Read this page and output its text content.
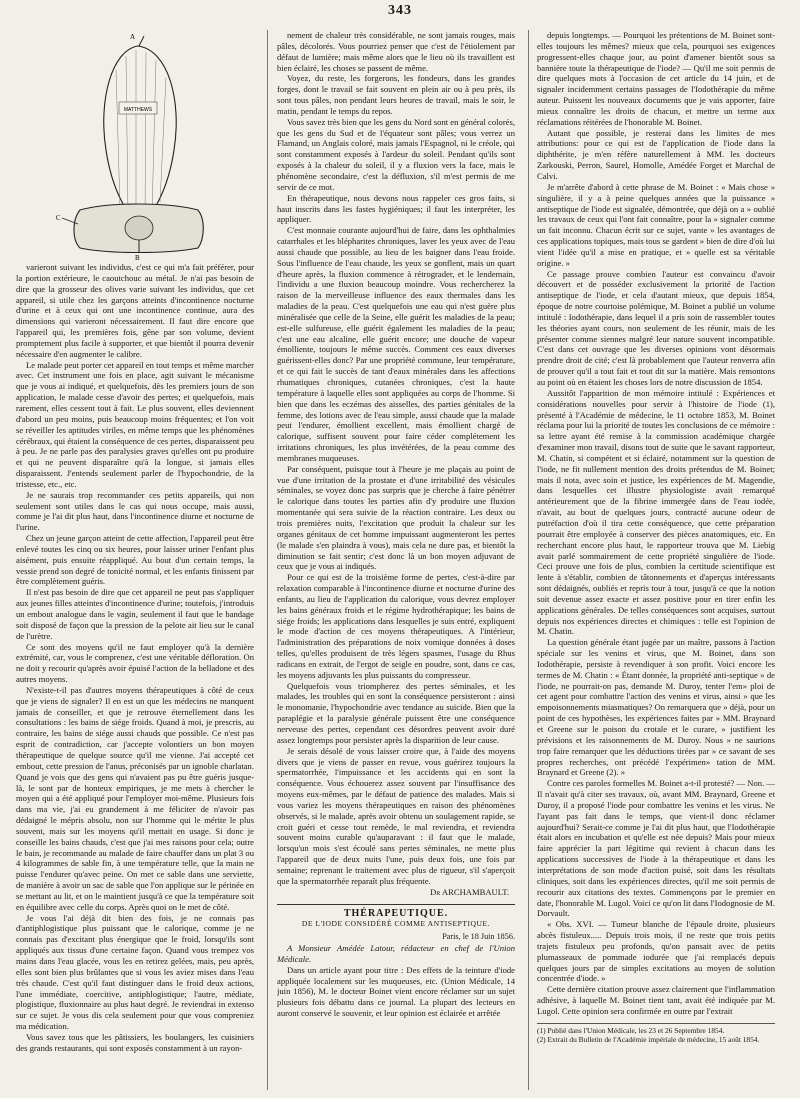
343
A
MATTHEWS
C
B

varieront suivant les individus, c'est ce qui m'a fait préférer, pour la portion extérieure, le caoutchouc au métal. Je n'ai pas besoin de dire que la grosseur des olives varie suivant les individus, que cet appareil, si utile chez les garçons atteints d'incontinence nocturne d'urine et à ceux qui ont une incontinence continue, aura des dimensions qui varieront nécessairement. Il faut dire encore que l'appareil qui, les premières fois, gêne par son volume, devient promptement plus facile à supporter, et que bientôt il pourra devenir nécessaire d'en augmenter le calibre.

Le malade peut porter cet appareil en tout temps et même marcher avec. Cet instrument une fois en place, agit suivant le mécanisme que je vous ai indiqué, et quelquefois, dès les premiers jours de son application, le malade cesse d'avoir des pertes; et quelquefois, mais rarement, elles cessent tout à fait. Le plus souvent, elles deviennent d'abord un peu moins, puis beaucoup moins fréquentes; et l'on voit se réveiller les aptitudes viriles, en même temps que les phénomènes cérébraux, qui étaient la conséquence de ces pertes, disparaissent peu à peu. Je ne parle pas des paralysies graves qu'elles ont pu produire et qui ne peuvent disparaître qu'à la longue, si jamais elles disparaissent. J'entends seulement parler de l'hypochondrie, de la tristesse, etc., etc.

Je ne saurais trop recommander ces petits appareils, qui non seulement sont utiles dans le cas qui nous occupe, mais aussi, comme je l'ai dit plus haut, dans l'incontinence diurne et nocturne de l'urine.

Chez un jeune garçon atteint de cette affection, l'appareil peut être enlevé toutes les cinq ou six heures, pour laisser uriner l'enfant plus aisément, puis ensuite réappliqué. Au bout d'un certain temps, la vessie prend son degré de tonicité normal, et les enfants finissent par être complètement guéris.

Il n'est pas besoin de dire que cet appareil ne peut pas s'appliquer aux jeunes filles atteintes d'incontinence d'urine; toutefois, j'introduis un embout analogue dans le vagin, seulement il faut que le bandage soit disposé de façon que la pression de la pelote ait lieu sur le canal de l'urètre.

Ce sont des moyens qu'il ne faut employer qu'à la dernière extrémité, car, vous le comprenez, c'est une véritable défloration. On ne doit y recourir qu'après avoir épuisé l'action de la belladone et des autres moyens.

N'existe-t-il pas d'autres moyens thérapeutiques à côté de ceux que je viens de signaler? Il en est un que les médecins ne manquent jamais de conseiller, et que je retrouve éternellement dans les consultations : les bains de siége froids. Quand à moi, je prescris, au contraire, les bains de siége aussi chauds que possible. Ce n'est pas esprit de contradiction, car j'accepte volontiers un bon moyen thérapeutique de quelque source qu'il me vienne. J'ai accepté cet embout, cette pression de l'anus, préconisés par un ignoble charlatan. Quand je vois que des gens qui n'avaient pas pu être guéris jusque-là, le sont par de honteux empiriques, je me mets à chercher le moyen qui a été appliqué pour l'employer moi-même. Plusieurs fois dans ma vie, j'ai eu grandement à me féliciter de n'avoir pas dédaigné le mépris absolu, non sur l'homme qui le mérite le plus souvent, mais sur les moyens qu'il mettait en usage. Si donc je conseille les bains chauds, c'est que j'ai mes raisons pour cela; outre le bain, je recommande au malade de faire chauffer dans un plat 3 ou 4 kilogrammes de sable fin, à une température telle, que la main ne puisse l'endurer qu'avec peine. On met ce sable dans une serviette, de manière à avoir un sac de sable que l'on applique sur le périnée en se mettant au lit, et on le maintient jusqu'à ce que la température soit en équilibre avec celle du corps. Après quoi on le met de côté.

Je vous l'ai déjà dit bien des fois, je ne connais pas d'antiphlogistique plus puissant que le calorique, comme je ne connais pas d'excitant plus énergique que le froid, lorsqu'ils sont appliqués aux tissus d'une certaine façon. Quand vous trempez vos mains dans l'eau glacée, vous les en retirez gelées, mais, peu après, elles sont bien plus brûlantes que si vous les aviez mises dans l'eau très chaude. C'est qu'il faut distinguer dans le froid deux actions, l'une immédiate, coercitive, antiphlogistique; l'autre, médiate, plogistique, fluxionnaire au plus haut degré. Je reviendrai in extenso sur ce sujet. Je vous dis cela seulement pour que vous compreniez ma médication.

Vous savez tous que les pâtissiers, les boulangers, les cuisiniers des grands restaurants, qui sont exposés constamment à un rayon-

nement de chaleur très considérable, ne sont jamais rouges, mais pâles, décolorés. Vous pourriez penser que c'est de l'étiolement par défaut de lumière; mais même alors que le lieu où ils travaillent est bien éclairé, les choses se passent de même.

Voyez, du reste, les forgerons, les fondeurs, dans les grandes forges, dont le travail se fait souvent en plein air ou à peu près, ils sont tous pâles, non pendant leurs heures de travail, mais le soir, le matin, pendant le temps du repos.

Vous savez très bien que les gens du Nord sont en général colorés, que les gens du Sud et de l'équateur sont pâles; vous verrez un Flamand, un Anglais coloré, mais jamais l'Espagnol, ni le créole, qui sont constamment exposés à l'ardeur du soleil. Pendant qu'ils sont exposés à la chaleur du soleil, il y a fluxion vers la face, mais le phénomène secondaire, c'est la défluxion, s'il m'est permis de me servir de ce mot.

En thérapeutique, nous devons nous rappeler ces gros faits, si haut inscrits dans les fastes hygiéniques; il faut les interpréter, les appliquer.

C'est monnaie courante aujourd'hui de faire, dans les ophthalmies catarrhales et les blépharites chroniques, laver les yeux avec de l'eau aussi chaude que possible, au lieu de les baigner dans l'eau froide. Sous l'influence de l'eau chaude, les yeux se gonflent, mais un quart d'heure après, la fluxion commence à rétrograder, et le lendemain, l'individu a une fluxion beaucoup moindre. Vous rechercherez la raison de la merveilleuse influence des eaux thermales dans les maladies de la peau. C'est quelquefois une eau qui n'est guère plus minéralisée que celle de la Seine, elle guérit les maladies de la peau; est-elle sulfureuse, elle guérit également les maladies de la peau; c'est une eau alcaline, elle guérit encore; une douche de vapeur émolliente, toujours le même succès. Comment ces eaux diverses guérissent-elles donc? Par une propriété commune, leur température, et ce qui fait le succès de tant d'eaux minérales dans les affections rhumatiques chroniques, cutanées chroniques, c'est la haute température à laquelle elles sont appliquées au corps de l'homme. Si bien que dans les eczémas des aisselles, des parties génitales de la femme, des lotions avec de l'eau simple, aussi chaude que la malade peut l'endurer, émollient excellent, mais émollient chargé de calorique, suffisent souvent pour faire céder complétement les irritations chroniques, les plus invétérées, de la peau comme des membranes muqueuses.

Par conséquent, puisque tout à l'heure je me plaçais au point de vue d'une irritation de la prostate et d'une irritabilité des vésicules séminales, se voyez donc pas surpris que je cherche à faire pénétrer le calorique dans toutes les parties afin d'y produire une fluxion momentanée qui sera suivie de la réaction contraire. Les deux ou trois premières nuits, l'excitation que produit la chaleur sur les organes génitaux de cet homme impuissant augmenteront les pertes (le malade s'en plaindra à vous), mais cela ne dure pas, et bientôt la diminution se fait sentir; c'est donc là un bon moyen adjuvant de ceux que je vous ai indiqués.

Pour ce qui est de la troisième forme de pertes, c'est-à-dire par relaxation comparable à l'incontinence diurne et nocturne d'urine des enfants, au lieu de l'application du calorique, vous devrez employer les bains généraux froids et le régime hydrothérapique; les bains de siége froids; les applications dans lesquelles je suis entré, expliquent le mode d'action de ces moyens thérapeutiques. A l'intérieur, l'administration des préparations de noix vomique données à doses telles, qu'elles produisent de très légers spasmes, l'usage du Rhus radicans en extrait, de l'ergot de seigle en poudre, sont, dans ce cas, les moyens adjuvants les plus puissants du compresseur.

Quelquefois vous triompherez des pertes séminales, et les malades, les troubles qui en sont la conséquence persisteront : ainsi le monomanie, l'hypochondrie avec tendance au suicide. Bien que la paraplégie et la paralysie générale puissent être une conséquence nerveuse des pertes, cependant ces désordres peuvent avoir duré assez longtemps pour persister après la disparition de leur cause.

Je serais désolé de vous laisser croire que, à l'aide des moyens divers que je viens de passer en revue, vous guérirez toujours la spermatorrhée, l'impuissance et les accidents qui en sont la conséquence. Vous échouerez assez souvent par l'insuffisance des moyens eux-mêmes, par le défaut de patience des malades. Mais si vous variez les moyens thérapeutiques en raison des phénomènes observés, si le malade, après avoir obtenu un soulagement rapide, se croit guéri et cesse tout remède, le mal reviendra, et reviendra souvent moins curable qu'auparavant : il faut que le malade, lorsqu'un mois s'est écoulé sans pertes séminales, ne mette plus l'appareil que de deux nuits l'une, puis deux fois, une fois par semaine; reprenant le traitement avec plus de rigueur, s'il s'aperçoit que la spermatorrhée reparaît plus fréquente.

Dr ARCHAMBAULT.
THÉRAPEUTIQUE.
DE L'IODE CONSIDÉRÉ COMME ANTISEPTIQUE.
Paris, le 18 Juin 1856.

A Monsieur Amédée Latour, rédacteur en chef de l'Union Médicale.

Dans un article ayant pour titre : Des effets de la teinture d'iode appliquée localement sur les muqueuses, etc. (Union Médicale, 14 juin 1856), M. le docteur Boinet vient encore réclamer sur un sujet plusieurs fois débattu dans ce journal. La plupart des lecteurs en auront conservé le souvenir, et leur opinion est éclairée et arrêtée

depuis longtemps. — Pourquoi les prétentions de M. Boinet sont-elles toujours les mêmes? mieux que cela, pourquoi ses exigences progressent-elles chaque jour, au point d'amener bientôt sous sa bannière toute la thérapeutique de l'iode? — Qu'il me soit permis de dire quelques mots à l'occasion de cet article du 14 juin, et de signaler incidemment certains passages de l'Iodothérapie du même auteur. Puissent les nouveaux documents que je vais apporter, faire mieux connaître les droits de chacun, et mettre un terme aux réclamations réitérées de l'honorable M. Boinet.

Autant que possible, je resterai dans les limites de mes attributions: pour ce qui est de l'application de l'iode dans la diphthérite, je m'en réfère naturellement à MM. les docteurs Zarkouski, Perron, Saurel, Homolle, Amédée Forget et Marchal de Calvi.

Je m'arrête d'abord à cette phrase de M. Boinet : « Mais chose » singulière, il y a à peine quelques années que la puissance » antiseptique de l'iode est signalée, démontrée, que déjà on a » oublié les travaux de ceux qui l'ont fait connaître, pour la » signaler comme un fait inconnu. Chacun écrit sur ce sujet, vante » les avantages de ces applications topiques, mais tous se gardent » bien de dire d'où lui vient l'idée qu'il a mise en pratique, et » quelle est sa véritable origine. »

Ce passage prouve combien l'auteur est convaincu d'avoir découvert et de posséder exclusivement la priorité de l'action antiseptique de l'iode, et cela d'autant mieux, que depuis 1854, époque de notre courtoise polémique, M. Boinet a publié un volume intitulé : Iodothérapie, dans lequel il a pris soin de rassembler toutes les théories ayant cours, non seulement de les réunir, mais de les présenter comme siennes malgré leur nature souvent incompatible. C'est dans cet ouvrage que les diverses opinions vont désormais prendre droit de cité; c'est là probablement que l'auteur renverra afin de prouver qu'il a tout fait et tout dit sur la matière. Mais remontons au point où en étaient les choses lors de notre discussion de 1854.

Aussitôt l'apparition de mon mémoire intitulé : Expériences et considérations nouvelles pour servir à l'histoire de l'iode (1), présenté à l'Académie de médecine, le 11 octobre 1853, M. Boinet réclama pour lui la priorité de toutes les conclusions de ce mémoire : sa lettre ayant été remise à la commission académique chargée d'examiner mon travail, disons tout de suite que le savant rapporteur, M. Chatin, si compétent et si éclairé, notamment sur la question de l'iode, ne fit nullement mention des droits prétendus de M. Boinet; mais il nota, avec soin et justice, les expériences de M. Magendie, dans lesquelles cet illustre physiologiste avait remarqué antérieurement que de la fibrine immergée dans de l'eau iodée, n'avait, au bout de quelques jours, contracté aucune odeur de putréfaction d'où il tira cette conséquence, que cette préparation pourrait être employée à conserver des pièces anatomiques, etc. En recherchant encore plus haut, le rapporteur trouva que M. Liebig avait parlé sommairement de cette propriété singulière de l'iode. Ceci prouve une fois de plus, combien la certitude scientifique est lente à s'établir, combien de tâtonnements et d'aperçus intéressants sont dédaignés, oubliés et repris tour à tour, jusqu'à ce que la notion soit devenue assez exacte et assez positive pour en tirer enfin les applications générales. De telles conséquences sont acquises, surtout depuis nos expériences directes et chimiques : telle est l'opinion de M. Chatin.

La question générale étant jugée par un maître, passons à l'action spéciale sur les venins et virus, que M. Boinet, dans son Iodothérapie, persiste à revendiquer à son profit. Voici encore les termes de M. Chatin : « Étant donnée, la propriété anti-septique » de l'iode, ne pourrait-on pas, demande M. Duroy, tenter l'em» ploi de cet agent pour combattre l'action des venins et virus, ainsi » que les empoisonnements miasmatiques? On remarquera que » déjà, pour un point de ces hypothèses, les expériences faites par » MM. Braynard et Greene sur le poison du crotale et le curare, » justifient les prévisions et les raisonnements de M. Duroy. Nous » ne saurions trop faire remarquer que les déductions tirées par » ce savant de ses propres recherches, ont précédé l'expérimen» tation de MM. Braynard et Greene (2). »

Contre ces paroles formelles M. Boinet a-t-il protesté? — Non. — Il n'avait qu'à citer ses travaux, où, avant MM. Braynard, Greene et Duroy, il a proposé l'iode pour combattre les venins et les virus. Ne l'ayant pas fait dans le temps, que vient-il donc réclamer aujourd'hui? Serait-ce comme je l'ai dit plus haut, que l'Iodothérapie était alors en incubation et qu'elle est née depuis? Mais pour mieux faire apprécier la part légitime qui revient à chacun dans les applications successives de l'iode à la thérapeutique et dans les interprétations de son mode d'action puisé, soit dans les résultats cliniques, soit dans les expériences directes, qu'il me soit permis de recourir aux citations des textes. Commençons par le premier en date, l'honorable M. Lugol. Voici ce qu'on lit dans l'Iodognosie de M. Dorvault.

« Obs. XVI. — Tumeur blanche de l'épaule droite, plusieurs abcès fistuleux..... Depuis trois mois, il ne reste que trois petits trajets fistuleux peu profonds, qu'on pansait avec de petits plumasseaux de pommade iodurée que j'ai remplacés depuis quelques jours par de simples excitations au moyen de solution concentrée d'iode. »

Cette dernière citation prouve assez clairement que l'inflammation adhésive, à laquelle M. Boinet tient tant, avait été indiquée par M. Lugol. Cette opinion sera confirmée en outre par l'extrait

(1) Publié dans l'Union Médicale, les 23 et 26 Septembre 1854.

(2) Extrait du Bulletin de l'Académie impériale de médecine, 15 août 1854.
